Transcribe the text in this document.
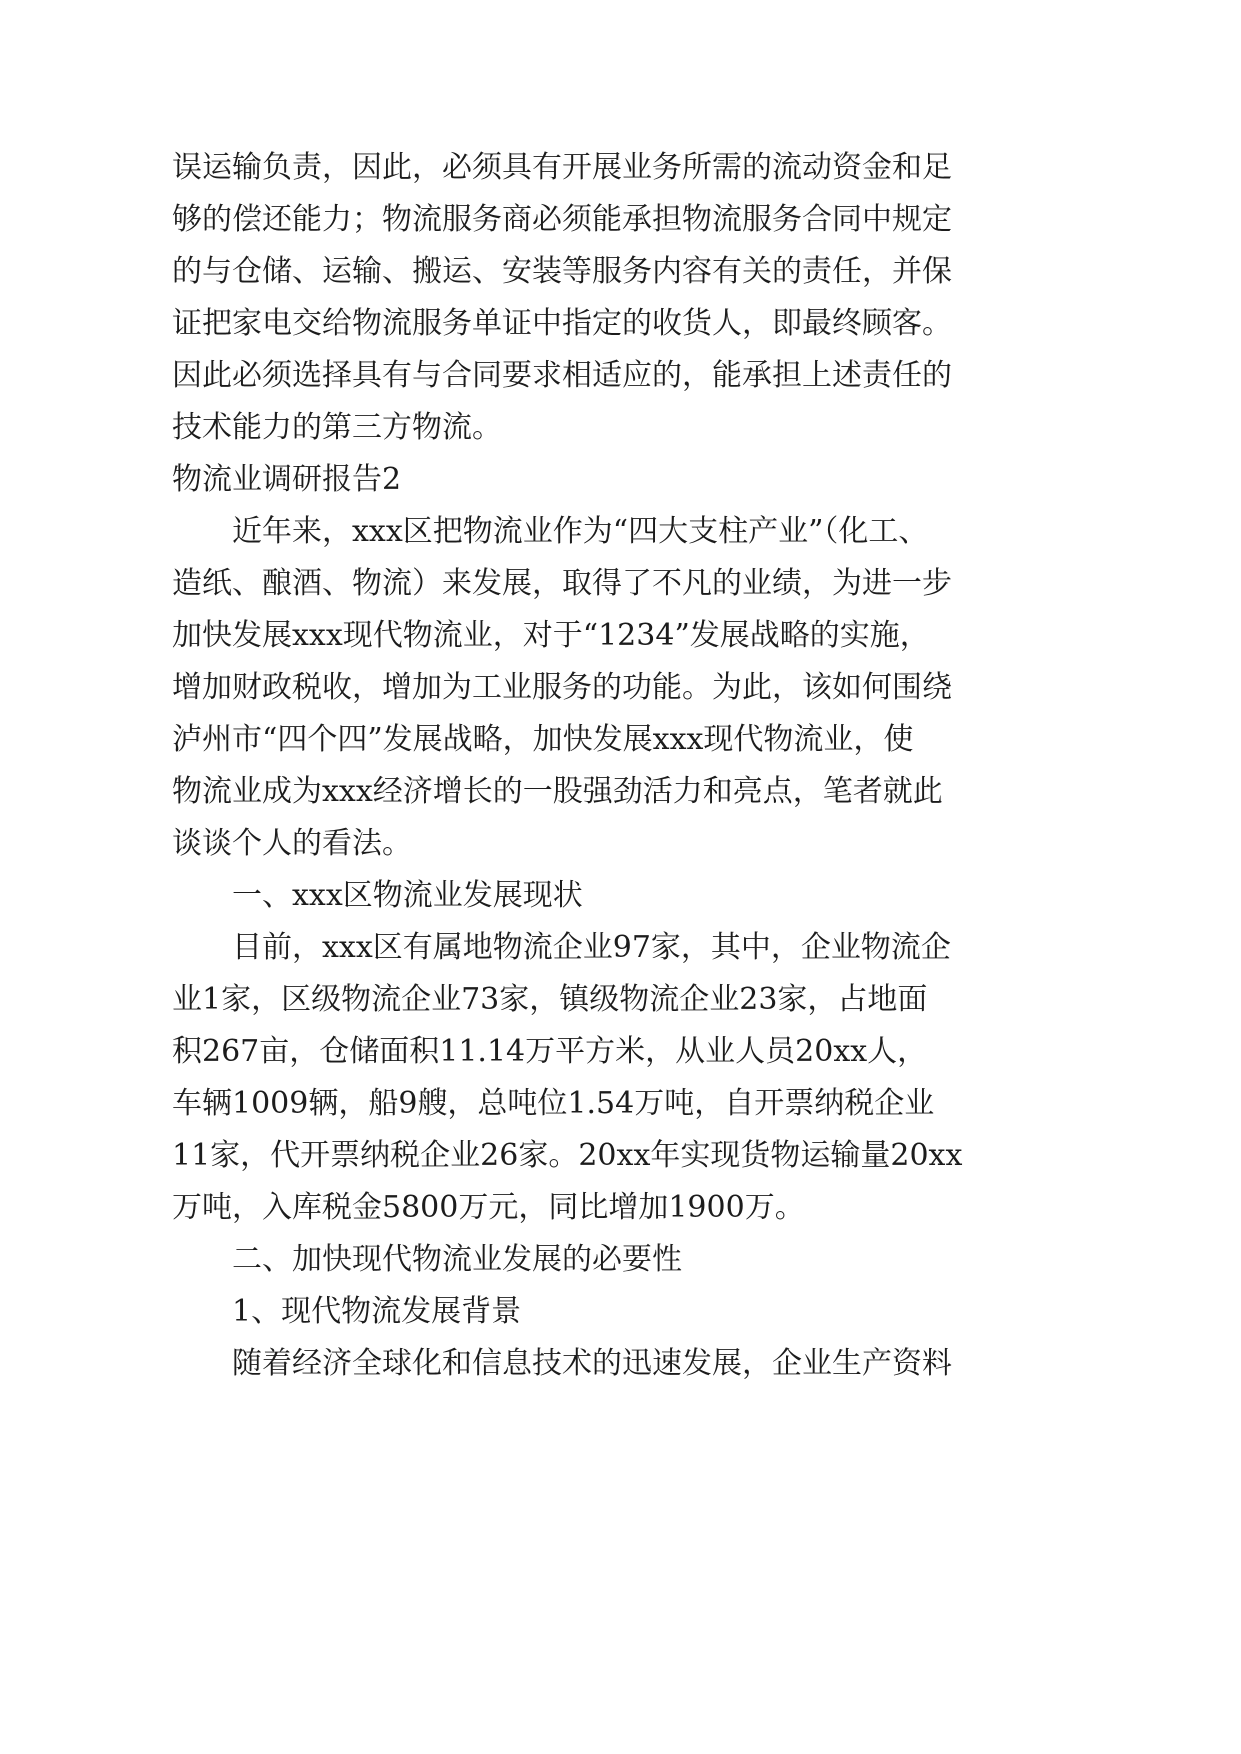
误运输负责，因此，必须具有开展业务所需的流动资金和足
够的偿还能力；物流服务商必须能承担物流服务合同中规定
的与仓储、运输、搬运、安装等服务内容有关的责任，并保
证把家电交给物流服务单证中指定的收货人，即最终顾客。
因此必须选择具有与合同要求相适应的，能承担上述责任的
技术能力的第三方物流。
物流业调研报告2
近年来，xxx区把物流业作为“四大支柱产业”（化工、
造纸、酿酒、物流）来发展，取得了不凡的业绩，为进一步
加快发展xxx现代物流业，对于“1234”发展战略的实施，
增加财政税收，增加为工业服务的功能。为此，该如何围绕
泸州市“四个四”发展战略，加快发展xxx现代物流业，使
物流业成为xxx经济增长的一股强劲活力和亮点，笔者就此
谈谈个人的看法。
一、xxx区物流业发展现状
目前，xxx区有属地物流企业97家，其中，企业物流企
业1家，区级物流企业73家，镇级物流企业23家，占地面
积267亩，仓储面积11.14万平方米，从业人员20xx人，
车辆1009辆，船9艘，总吨位1.54万吨，自开票纳税企业
11家，代开票纳税企业26家。20xx年实现货物运输量20xx
万吨，入库税金5800万元，同比增加1900万。
二、加快现代物流业发展的必要性
1、现代物流发展背景
随着经济全球化和信息技术的迅速发展，企业生产资料
